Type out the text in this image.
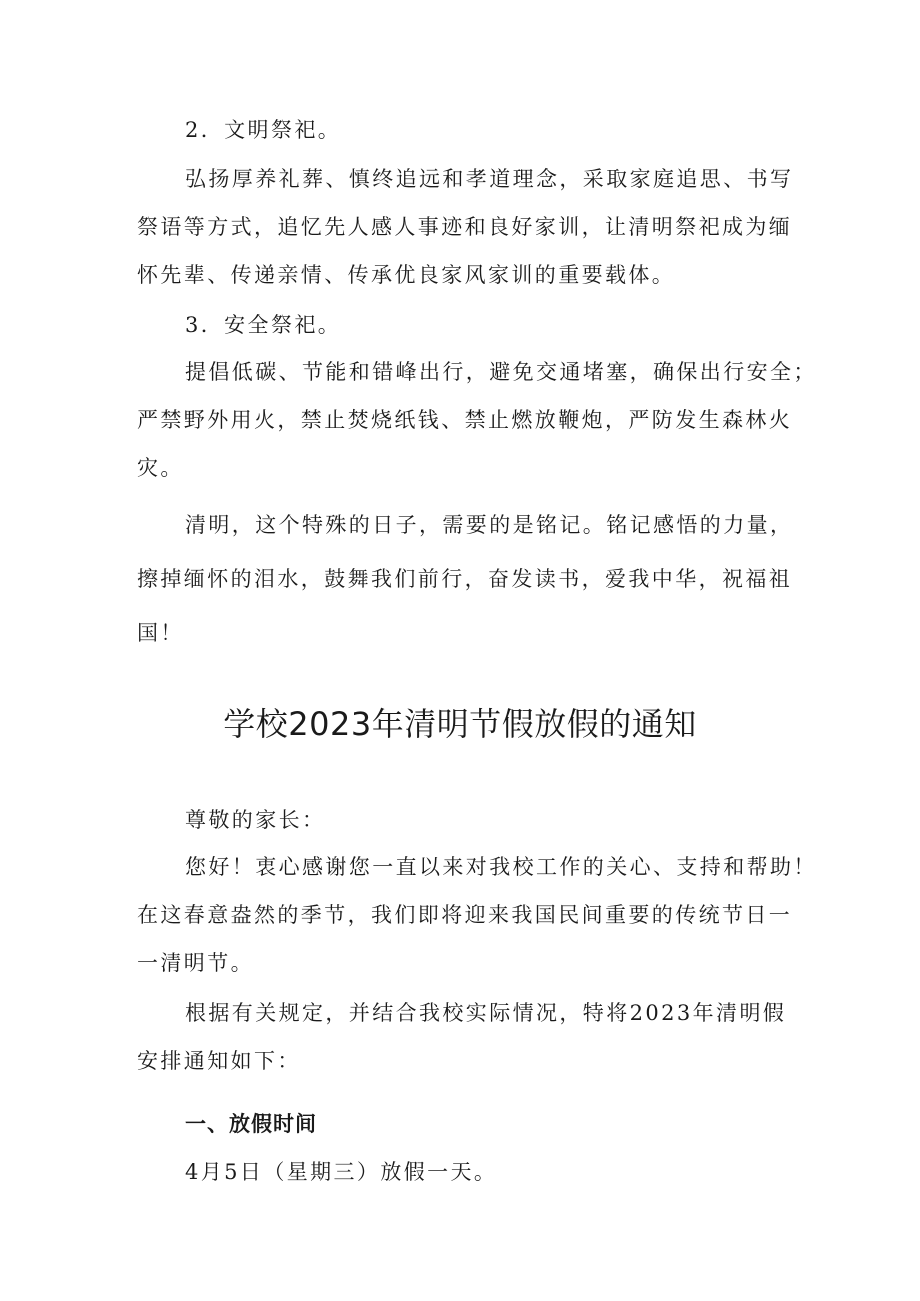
2．文明祭祀。
弘扬厚养礼葬、慎终追远和孝道理念，采取家庭追思、书写
祭语等方式，追忆先人感人事迹和良好家训，让清明祭祀成为缅
怀先辈、传递亲情、传承优良家风家训的重要载体。
3．安全祭祀。
提倡低碳、节能和错峰出行，避免交通堵塞，确保出行安全；
严禁野外用火，禁止焚烧纸钱、禁止燃放鞭炮，严防发生森林火
灾。
清明，这个特殊的日子，需要的是铭记。铭记感悟的力量，
擦掉缅怀的泪水，鼓舞我们前行，奋发读书，爱我中华，祝福祖
国！
学校2023年清明节假放假的通知
尊敬的家长：
您好！衷心感谢您一直以来对我校工作的关心、支持和帮助！
在这春意盎然的季节，我们即将迎来我国民间重要的传统节日一
一清明节。
根据有关规定，并结合我校实际情况，特将2023年清明假
安排通知如下：
一、放假时间
4月5日（星期三）放假一天。
